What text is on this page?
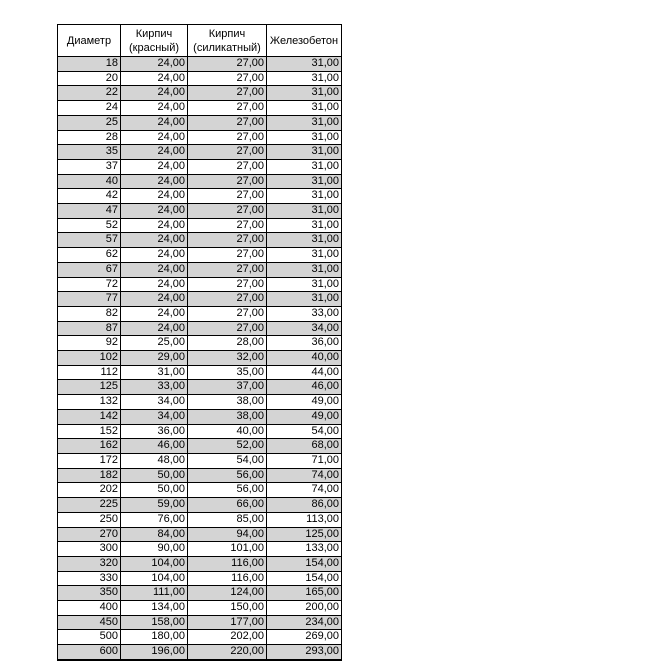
Диаметр	Кирпич (красный)	Кирпич (силикатный)	Железобетон
18	24,00	27,00	31,00
20	24,00	27,00	31,00
22	24,00	27,00	31,00
24	24,00	27,00	31,00
25	24,00	27,00	31,00
28	24,00	27,00	31,00
35	24,00	27,00	31,00
37	24,00	27,00	31,00
40	24,00	27,00	31,00
42	24,00	27,00	31,00
47	24,00	27,00	31,00
52	24,00	27,00	31,00
57	24,00	27,00	31,00
62	24,00	27,00	31,00
67	24,00	27,00	31,00
72	24,00	27,00	31,00
77	24,00	27,00	31,00
82	24,00	27,00	33,00
87	24,00	27,00	34,00
92	25,00	28,00	36,00
102	29,00	32,00	40,00
112	31,00	35,00	44,00
125	33,00	37,00	46,00
132	34,00	38,00	49,00
142	34,00	38,00	49,00
152	36,00	40,00	54,00
162	46,00	52,00	68,00
172	48,00	54,00	71,00
182	50,00	56,00	74,00
202	50,00	56,00	74,00
225	59,00	66,00	86,00
250	76,00	85,00	113,00
270	84,00	94,00	125,00
300	90,00	101,00	133,00
320	104,00	116,00	154,00
330	104,00	116,00	154,00
350	111,00	124,00	165,00
400	134,00	150,00	200,00
450	158,00	177,00	234,00
500	180,00	202,00	269,00
600	196,00	220,00	293,00
